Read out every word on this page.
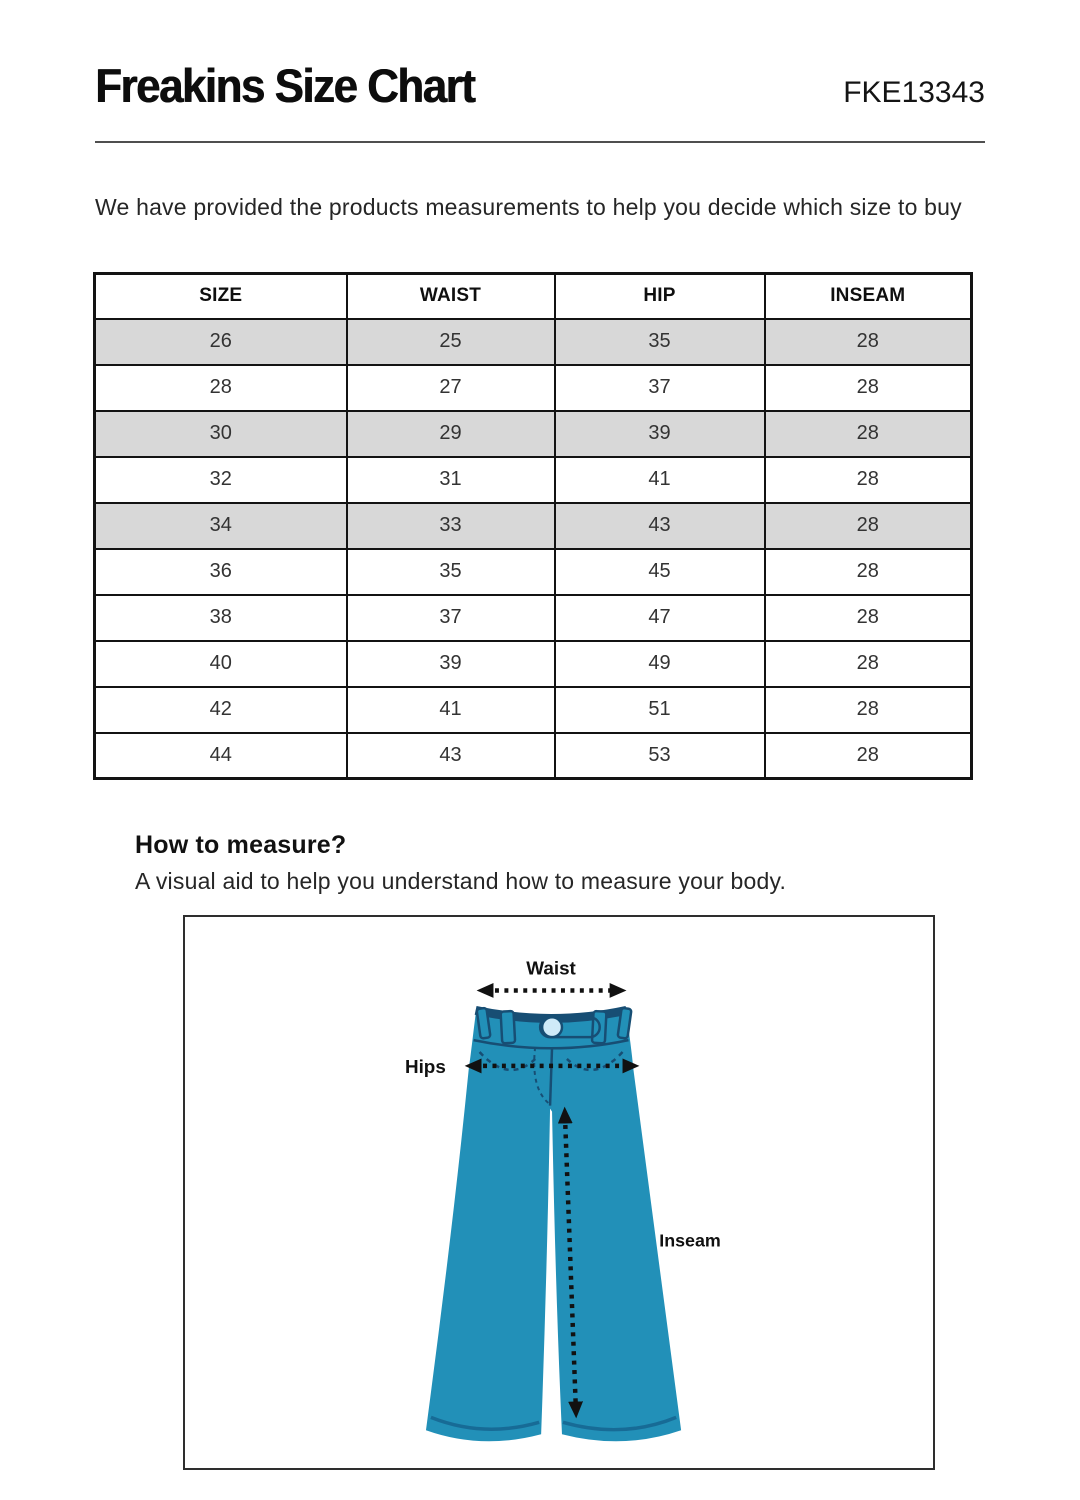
Freakins Size Chart	FKE13343

We have provided the products measurements to help you decide which size to buy

SIZE	WAIST	HIP	INSEAM
26	25	35	28
28	27	37	28
30	29	39	28
32	31	41	28
34	33	43	28
36	35	45	28
38	37	47	28
40	39	49	28
42	41	51	28
44	43	53	28
How to measure?

A visual aid to help you understand how to measure your body.

Waist
Hips
Inseam
